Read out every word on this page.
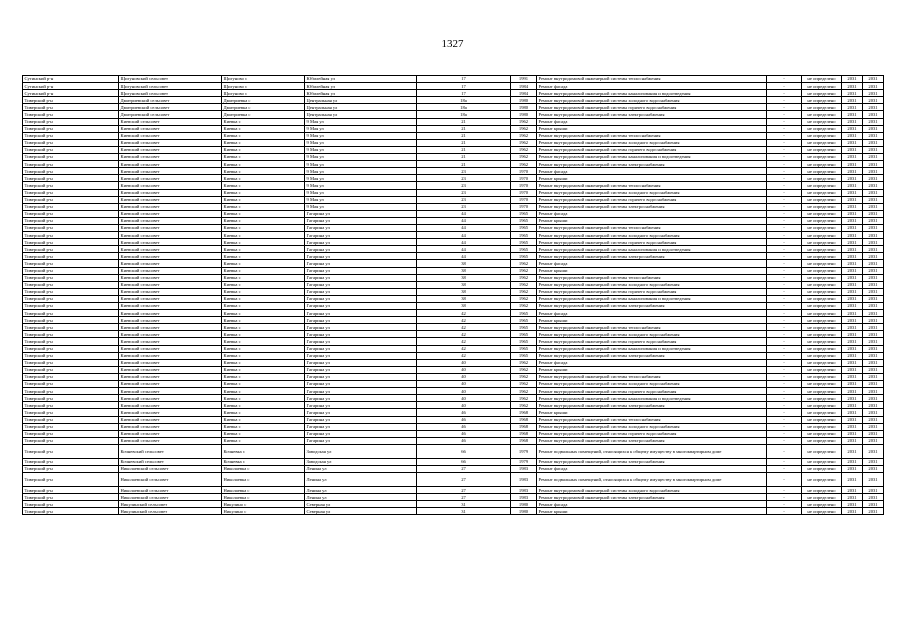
1327
Сутинский р-н	Щигуновский сельсовет	Щигуново с	Юбилейная ул	17	1991	Ремонт внутридомовой инженерной системы теплоснабжения	-	не определено	2031	2031
Сутинский р-н	Щигуновский сельсовет	Щигуново с	Юбилейная ул	17	1984	Ремонт фасада	-	не определено	2031	2031
Сутинский р-н	Щигуновский сельсовет	Щигуново с	Юбилейная ул	17	1984	Ремонт внутридомовой инженерной системы канализования и водоотведения	-	не определено	2031	2031
Тиверский р-н	Дмитриевский сельсовет	Дмитриевка с	Центральная ул	18а	1980	Ремонт внутридомовой инженерной системы холодного водоснабжения	-	не определено	2031	2031
Тиверский р-н	Дмитриевский сельсовет	Дмитриевка с	Центральная ул	18а	1980	Ремонт внутридомовой инженерной системы горячего водоснабжения	-	не определено	2031	2031
Тиверский р-н	Дмитриевский сельсовет	Дмитриевка с	Центральная ул	18а	1980	Ремонт внутридомовой инженерной системы электроснабжения	-	не определено	2031	2031
Тиверский р-н	Киевский сельсовет	Киевка с	9 Мая ул	21	1962	Ремонт фасада	-	не определено	2031	2031
Тиверский р-н	Киевский сельсовет	Киевка с	9 Мая ул	21	1962	Ремонт крыши	-	не определено	2031	2031
Тиверский р-н	Киевский сельсовет	Киевка с	9 Мая ул	21	1962	Ремонт внутридомовой инженерной системы теплоснабжения	-	не определено	2031	2031
Тиверский р-н	Киевский сельсовет	Киевка с	9 Мая ул	21	1962	Ремонт внутридомовой инженерной системы холодного водоснабжения	-	не определено	2031	2031
Тиверский р-н	Киевский сельсовет	Киевка с	9 Мая ул	21	1962	Ремонт внутридомовой инженерной системы горячего водоснабжения	-	не определено	2031	2031
Тиверский р-н	Киевский сельсовет	Киевка с	9 Мая ул	21	1962	Ремонт внутридомовой инженерной системы канализования и водоотведения	-	не определено	2031	2031
Тиверский р-н	Киевский сельсовет	Киевка с	9 Мая ул	21	1962	Ремонт внутридомовой инженерной системы электроснабжения	-	не определено	2031	2031
Тиверский р-н	Киевский сельсовет	Киевка с	9 Мая ул	23	1970	Ремонт фасада	-	не определено	2031	2031
Тиверский р-н	Киевский сельсовет	Киевка с	9 Мая ул	23	1970	Ремонт крыши	-	не определено	2031	2031
Тиверский р-н	Киевский сельсовет	Киевка с	9 Мая ул	23	1970	Ремонт внутридомовой инженерной системы теплоснабжения	-	не определено	2031	2031
Тиверский р-н	Киевский сельсовет	Киевка с	9 Мая ул	23	1970	Ремонт внутридомовой инженерной системы холодного водоснабжения	-	не определено	2031	2031
Тиверский р-н	Киевский сельсовет	Киевка с	9 Мая ул	23	1970	Ремонт внутридомовой инженерной системы горячего водоснабжения	-	не определено	2031	2031
Тиверский р-н	Киевский сельсовет	Киевка с	9 Мая ул	23	1970	Ремонт внутридомовой инженерной системы электроснабжения	-	не определено	2031	2031
Тиверский р-н	Киевский сельсовет	Киевка с	Гагарина ул	44	1965	Ремонт фасада	-	не определено	2031	2031
Тиверский р-н	Киевский сельсовет	Киевка с	Гагарина ул	44	1965	Ремонт крыши	-	не определено	2031	2031
Тиверский р-н	Киевский сельсовет	Киевка с	Гагарина ул	44	1965	Ремонт внутридомовой инженерной системы теплоснабжения	-	не определено	2031	2031
Тиверский р-н	Киевский сельсовет	Киевка с	Гагарина ул	44	1965	Ремонт внутридомовой инженерной системы холодного водоснабжения	-	не определено	2031	2031
Тиверский р-н	Киевский сельсовет	Киевка с	Гагарина ул	44	1965	Ремонт внутридомовой инженерной системы горячего водоснабжения	-	не определено	2031	2031
Тиверский р-н	Киевский сельсовет	Киевка с	Гагарина ул	44	1965	Ремонт внутридомовой инженерной системы канализования и водоотведения	-	не определено	2031	2031
Тиверский р-н	Киевский сельсовет	Киевка с	Гагарина ул	44	1965	Ремонт внутридомовой инженерной системы электроснабжения	-	не определено	2031	2031
Тиверский р-н	Киевский сельсовет	Киевка с	Гагарина ул	38	1962	Ремонт фасада	-	не определено	2031	2031
Тиверский р-н	Киевский сельсовет	Киевка с	Гагарина ул	38	1962	Ремонт крыши	-	не определено	2031	2031
Тиверский р-н	Киевский сельсовет	Киевка с	Гагарина ул	38	1962	Ремонт внутридомовой инженерной системы теплоснабжения	-	не определено	2031	2031
Тиверский р-н	Киевский сельсовет	Киевка с	Гагарина ул	38	1962	Ремонт внутридомовой инженерной системы холодного водоснабжения	-	не определено	2031	2031
Тиверский р-н	Киевский сельсовет	Киевка с	Гагарина ул	38	1962	Ремонт внутридомовой инженерной системы горячего водоснабжения	-	не определено	2031	2031
Тиверский р-н	Киевский сельсовет	Киевка с	Гагарина ул	38	1962	Ремонт внутридомовой инженерной системы канализования и водоотведения	-	не определено	2031	2031
Тиверский р-н	Киевский сельсовет	Киевка с	Гагарина ул	38	1962	Ремонт внутридомовой инженерной системы электроснабжения	-	не определено	2031	2031
Тиверский р-н	Киевский сельсовет	Киевка с	Гагарина ул	42	1965	Ремонт фасада	-	не определено	2031	2031
Тиверский р-н	Киевский сельсовет	Киевка с	Гагарина ул	42	1965	Ремонт крыши	-	не определено	2031	2031
Тиверский р-н	Киевский сельсовет	Киевка с	Гагарина ул	42	1965	Ремонт внутридомовой инженерной системы теплоснабжения	-	не определено	2031	2031
Тиверский р-н	Киевский сельсовет	Киевка с	Гагарина ул	42	1965	Ремонт внутридомовой инженерной системы холодного водоснабжения	-	не определено	2031	2031
Тиверский р-н	Киевский сельсовет	Киевка с	Гагарина ул	42	1965	Ремонт внутридомовой инженерной системы горячего водоснабжения	-	не определено	2031	2031
Тиверский р-н	Киевский сельсовет	Киевка с	Гагарина ул	42	1965	Ремонт внутридомовой инженерной системы канализования и водоотведения	-	не определено	2031	2031
Тиверский р-н	Киевский сельсовет	Киевка с	Гагарина ул	42	1965	Ремонт внутридомовой инженерной системы электроснабжения	-	не определено	2031	2031
Тиверский р-н	Киевский сельсовет	Киевка с	Гагарина ул	40	1962	Ремонт фасада	-	не определено	2031	2031
Тиверский р-н	Киевский сельсовет	Киевка с	Гагарина ул	40	1962	Ремонт крыши	-	не определено	2031	2031
Тиверский р-н	Киевский сельсовет	Киевка с	Гагарина ул	40	1962	Ремонт внутридомовой инженерной системы теплоснабжения	-	не определено	2031	2031
Тиверский р-н	Киевский сельсовет	Киевка с	Гагарина ул	40	1962	Ремонт внутридомовой инженерной системы холодного водоснабжения	-	не определено	2031	2031
Тиверский р-н	Киевский сельсовет	Киевка с	Гагарина ул	40	1962	Ремонт внутридомовой инженерной системы горячего водоснабжения	-	не определено	2031	2031
Тиверский р-н	Киевский сельсовет	Киевка с	Гагарина ул	40	1962	Ремонт внутридомовой инженерной системы канализования и водоотведения	-	не определено	2031	2031
Тиверский р-н	Киевский сельсовет	Киевка с	Гагарина ул	40	1962	Ремонт внутридомовой инженерной системы электроснабжения	-	не определено	2031	2031
Тиверский р-н	Киевский сельсовет	Киевка с	Гагарина ул	46	1968	Ремонт крыши	-	не определено	2031	2031
Тиверский р-н	Киевский сельсовет	Киевка с	Гагарина ул	46	1968	Ремонт внутридомовой инженерной системы теплоснабжения	-	не определено	2031	2031
Тиверский р-н	Киевский сельсовет	Киевка с	Гагарина ул	46	1968	Ремонт внутридомовой инженерной системы холодного водоснабжения	-	не определено	2031	2031
Тиверский р-н	Киевский сельсовет	Киевка с	Гагарина ул	46	1968	Ремонт внутридомовой инженерной системы горячего водоснабжения	-	не определено	2031	2031
Тиверский р-н	Киевский сельсовет	Киевка с	Гагарина ул	46	1968	Ремонт внутридомовой инженерной системы электроснабжения	-	не определено	2031	2031
Тиверский р-н	Кочневский сельсовет	Кочневка с	Заводская ул	66	1979	Ремонт подвальных помещений, относящихся к общему имуществу в многоквартирном доме	-	не определено	2031	2031
Тиверский р-н	Кочневский сельсовет	Кочневка с	Заводская ул	66	1979	Ремонт внутридомовой инженерной системы электроснабжения	-	не определено	2031	2031
Тиверский р-н	Николаевский сельсовет	Николаевка с	Ленина ул	27	1983	Ремонт фасада	-	не определено	2031	2031
Тиверский р-н	Николаевский сельсовет	Николаевка с	Ленина ул	27	1983	Ремонт подвальных помещений, относящихся к общему имуществу в многоквартирном доме	-	не определено	2031	2031
Тиверский р-н	Николаевский сельсовет	Николаевка с	Ленина ул	27	1983	Ремонт внутридомовой инженерной системы холодного водоснабжения	-	не определено	2031	2031
Тиверский р-н	Николаевский сельсовет	Николаевка с	Ленина ул	27	1983	Ремонт внутридомовой инженерной системы электроснабжения	-	не определено	2031	2031
Тиверский р-н	Никулинский сельсовет	Никулино с	Северная ул	31	1980	Ремонт фасада	-	не определено	2031	2031
Тиверский р-н	Никулинский сельсовет	Никулино с	Северная ул	31	1980	Ремонт крыши	-	не определено	2031	2031
